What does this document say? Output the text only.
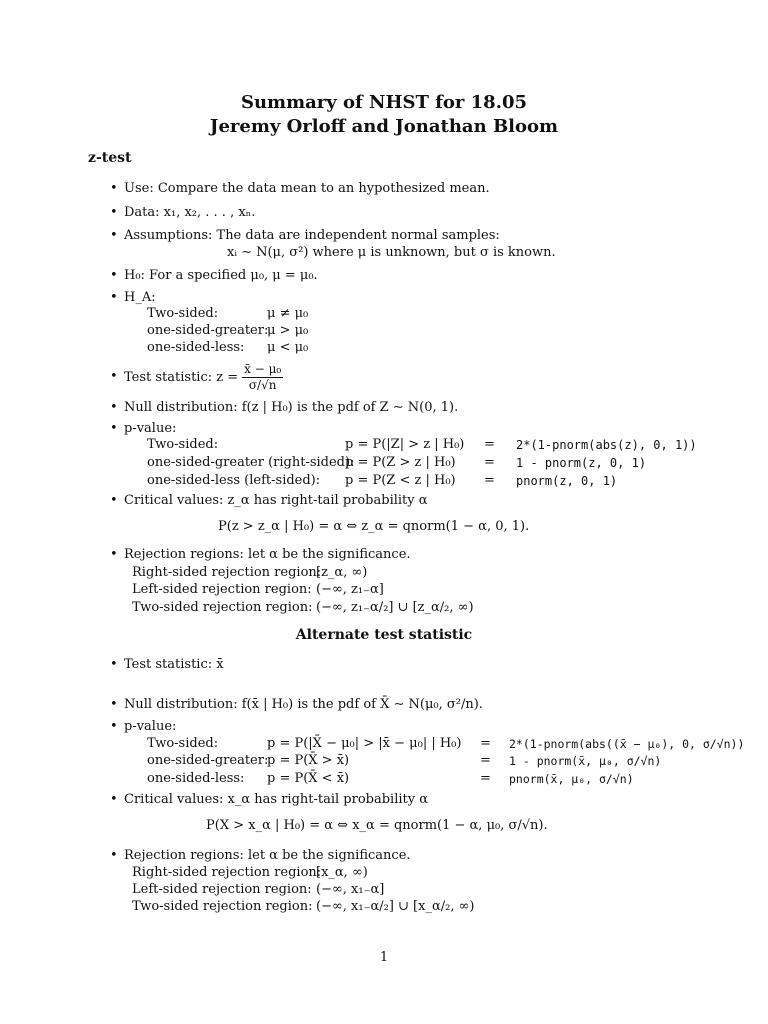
Summary of NHST for 18.05
Jeremy Orloff and Jonathan Bloom
z-test
• Use: Compare the data mean to an hypothesized mean.
• Data: x₁, x₂, . . . , xₙ.
• Assumptions: The data are independent normal samples:
xᵢ ∼ N(μ, σ²) where μ is unknown, but σ is known.
• H₀: For a specified μ₀, μ = μ₀.
• H_A:
Two-sided:	μ ≠ μ₀
one-sided-greater:
μ > μ₀
one-sided-less: μ < μ₀
• Test statistic: $z = \frac{\text{x̄ − μ₀}}{\sigma/√n}$
• Null distribution: f(z | H₀) is the pdf of Z ∼ N(0, 1).
• p-value:
Two-sided:	p = P(|Z| > z | H₀) = 2*(1-pnorm(abs(z), 0, 1))
one-sided-greater (right-sided):
p = P(Z > z | H₀) = 1 - pnorm(z, 0, 1)
one-sided-less (left-sided): p = P(Z < z | H₀) = pnorm(z, 0, 1)
• Critical values: z_α has right-tail probability α
P(z > z_α | H₀) = α ⇔ z_α = qnorm(1 − α, 0, 1).
• Rejection regions: let α be the significance.
Right-sided rejection region:
[z_α, ∞)
Left-sided rejection region: (−∞, z₁₋α]
Two-sided rejection region: (−∞, z₁₋α/₂] ∪ [z_α/₂, ∞)
Alternate test statistic
• Test statistic: x̄
• Null distribution: f(x̄ | H₀) is the pdf of X̄ ∼ N(μ₀, σ²/n).
• p-value:
Two-sided:	p = P(|X̄ − μ₀| > |x̄ − μ₀| | H₀) = 2*(1-pnorm(abs((x̄ − μ₀), 0, σ/√n))
one-sided-greater:
p = P(X̄ > x̄)	= 1 - pnorm(x̄, μ₀, σ/√n)
one-sided-less: p = P(X̄ < x̄)	= pnorm(x̄, μ₀, σ/√n)
• Critical values: x_α has right-tail probability α
P(X > x_α | H₀) = α ⇔ x_α = qnorm(1 − α, μ₀, σ/√n).
• Rejection regions: let α be the significance.
Right-sided rejection region:
[x_α, ∞)
Left-sided rejection region: (−∞, x₁₋α]
Two-sided rejection region: (−∞, x₁₋α/₂] ∪ [x_α/₂, ∞)
1
